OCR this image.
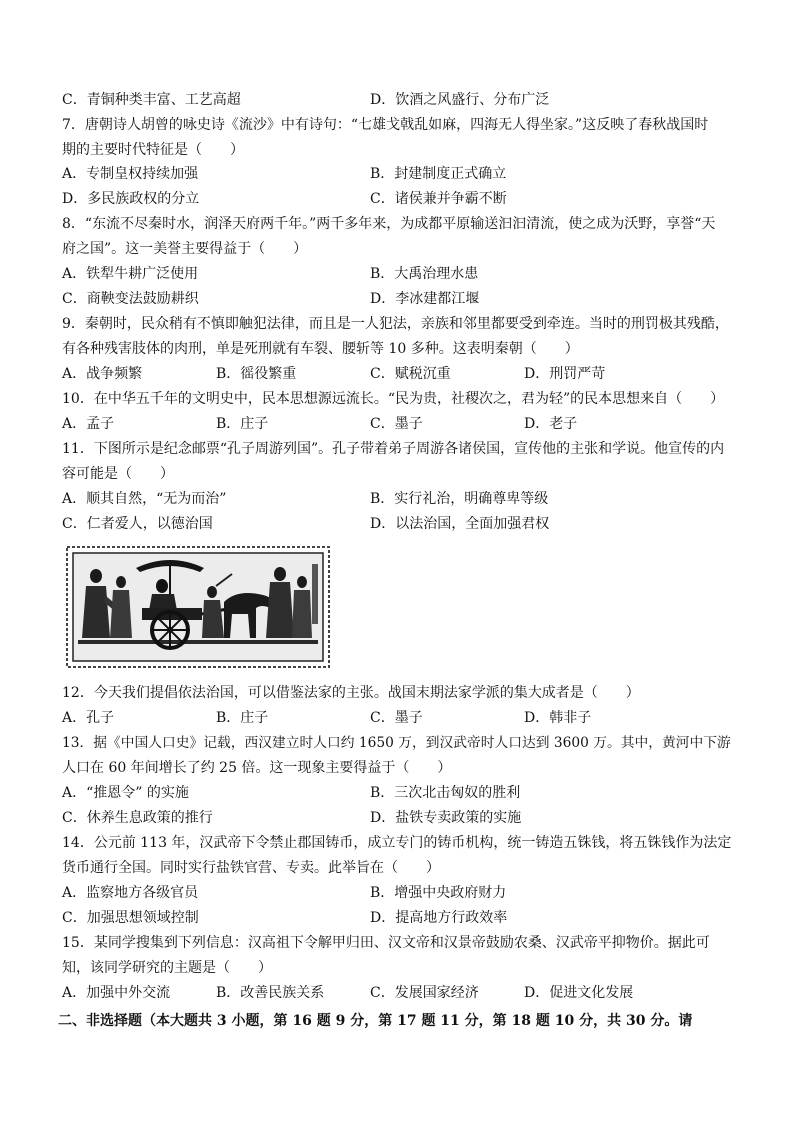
C．青铜种类丰富、工艺高超	D．饮酒之风盛行、分布广泛
7．唐朝诗人胡曾的咏史诗《流沙》中有诗句：“七雄戈戟乱如麻，四海无人得坐家。”这反映了春秋战国时
期的主要时代特征是（　　）
A．专制皇权持续加强	B．封建制度正式确立
D．多民族政权的分立	C．诸侯兼并争霸不断
8．“东流不尽秦时水，润泽天府两千年。”两千多年来，为成都平原输送汩汩清流，使之成为沃野，享誉“天
府之国”。这一美誉主要得益于（　　）
A．铁犁牛耕广泛使用	B．大禹治理水患
C．商鞅变法鼓励耕织	D．李冰建都江堰
9．秦朝时，民众稍有不慎即触犯法律，而且是一人犯法，亲族和邻里都要受到牵连。当时的刑罚极其残酷，
有各种残害肢体的肉刑，单是死刑就有车裂、腰斩等 10 多种。这表明秦朝（　　）
A．战争频繁	B．徭役繁重	C．赋税沉重	D．刑罚严苛
10．在中华五千年的文明史中，民本思想源远流长。“民为贵，社稷次之，君为轻”的民本思想来自（　　）
A．孟子	B．庄子	C．墨子	D．老子
11．下图所示是纪念邮票“孔子周游列国”。孔子带着弟子周游各诸侯国，宣传他的主张和学说。他宣传的内
容可能是（　　）
A．顺其自然，“无为而治”	B．实行礼治，明确尊卑等级
C．仁者爱人，以德治国	D．以法治国，全面加强君权
12．今天我们提倡依法治国，可以借鉴法家的主张。战国末期法家学派的集大成者是（　　）
A．孔子	B．庄子	C．墨子	D．韩非子
13．据《中国人口史》记载，西汉建立时人口约 1650 万，到汉武帝时人口达到 3600 万。其中，黄河中下游
人口在 60 年间增长了约 25 倍。这一现象主要得益于（　　）
A．“推恩令” 的实施	B．三次北击匈奴的胜利
C．休养生息政策的推行	D．盐铁专卖政策的实施
14．公元前 113 年，汉武帝下令禁止郡国铸币，成立专门的铸币机构，统一铸造五铢钱，将五铢钱作为法定
货币通行全国。同时实行盐铁官营、专卖。此举旨在（　　）
A．监察地方各级官员	B．增强中央政府财力
C．加强思想领域控制	D．提高地方行政效率
15．某同学搜集到下列信息：汉高祖下令解甲归田、汉文帝和汉景帝鼓励农桑、汉武帝平抑物价。据此可
知，该同学研究的主题是（　　）
A．加强中外交流	B．改善民族关系	C．发展国家经济	D．促进文化发展
二、非选择题（本大题共 3 小题，第 16 题 9 分，第 17 题 11 分，第 18 题 10 分，共 30 分。请
